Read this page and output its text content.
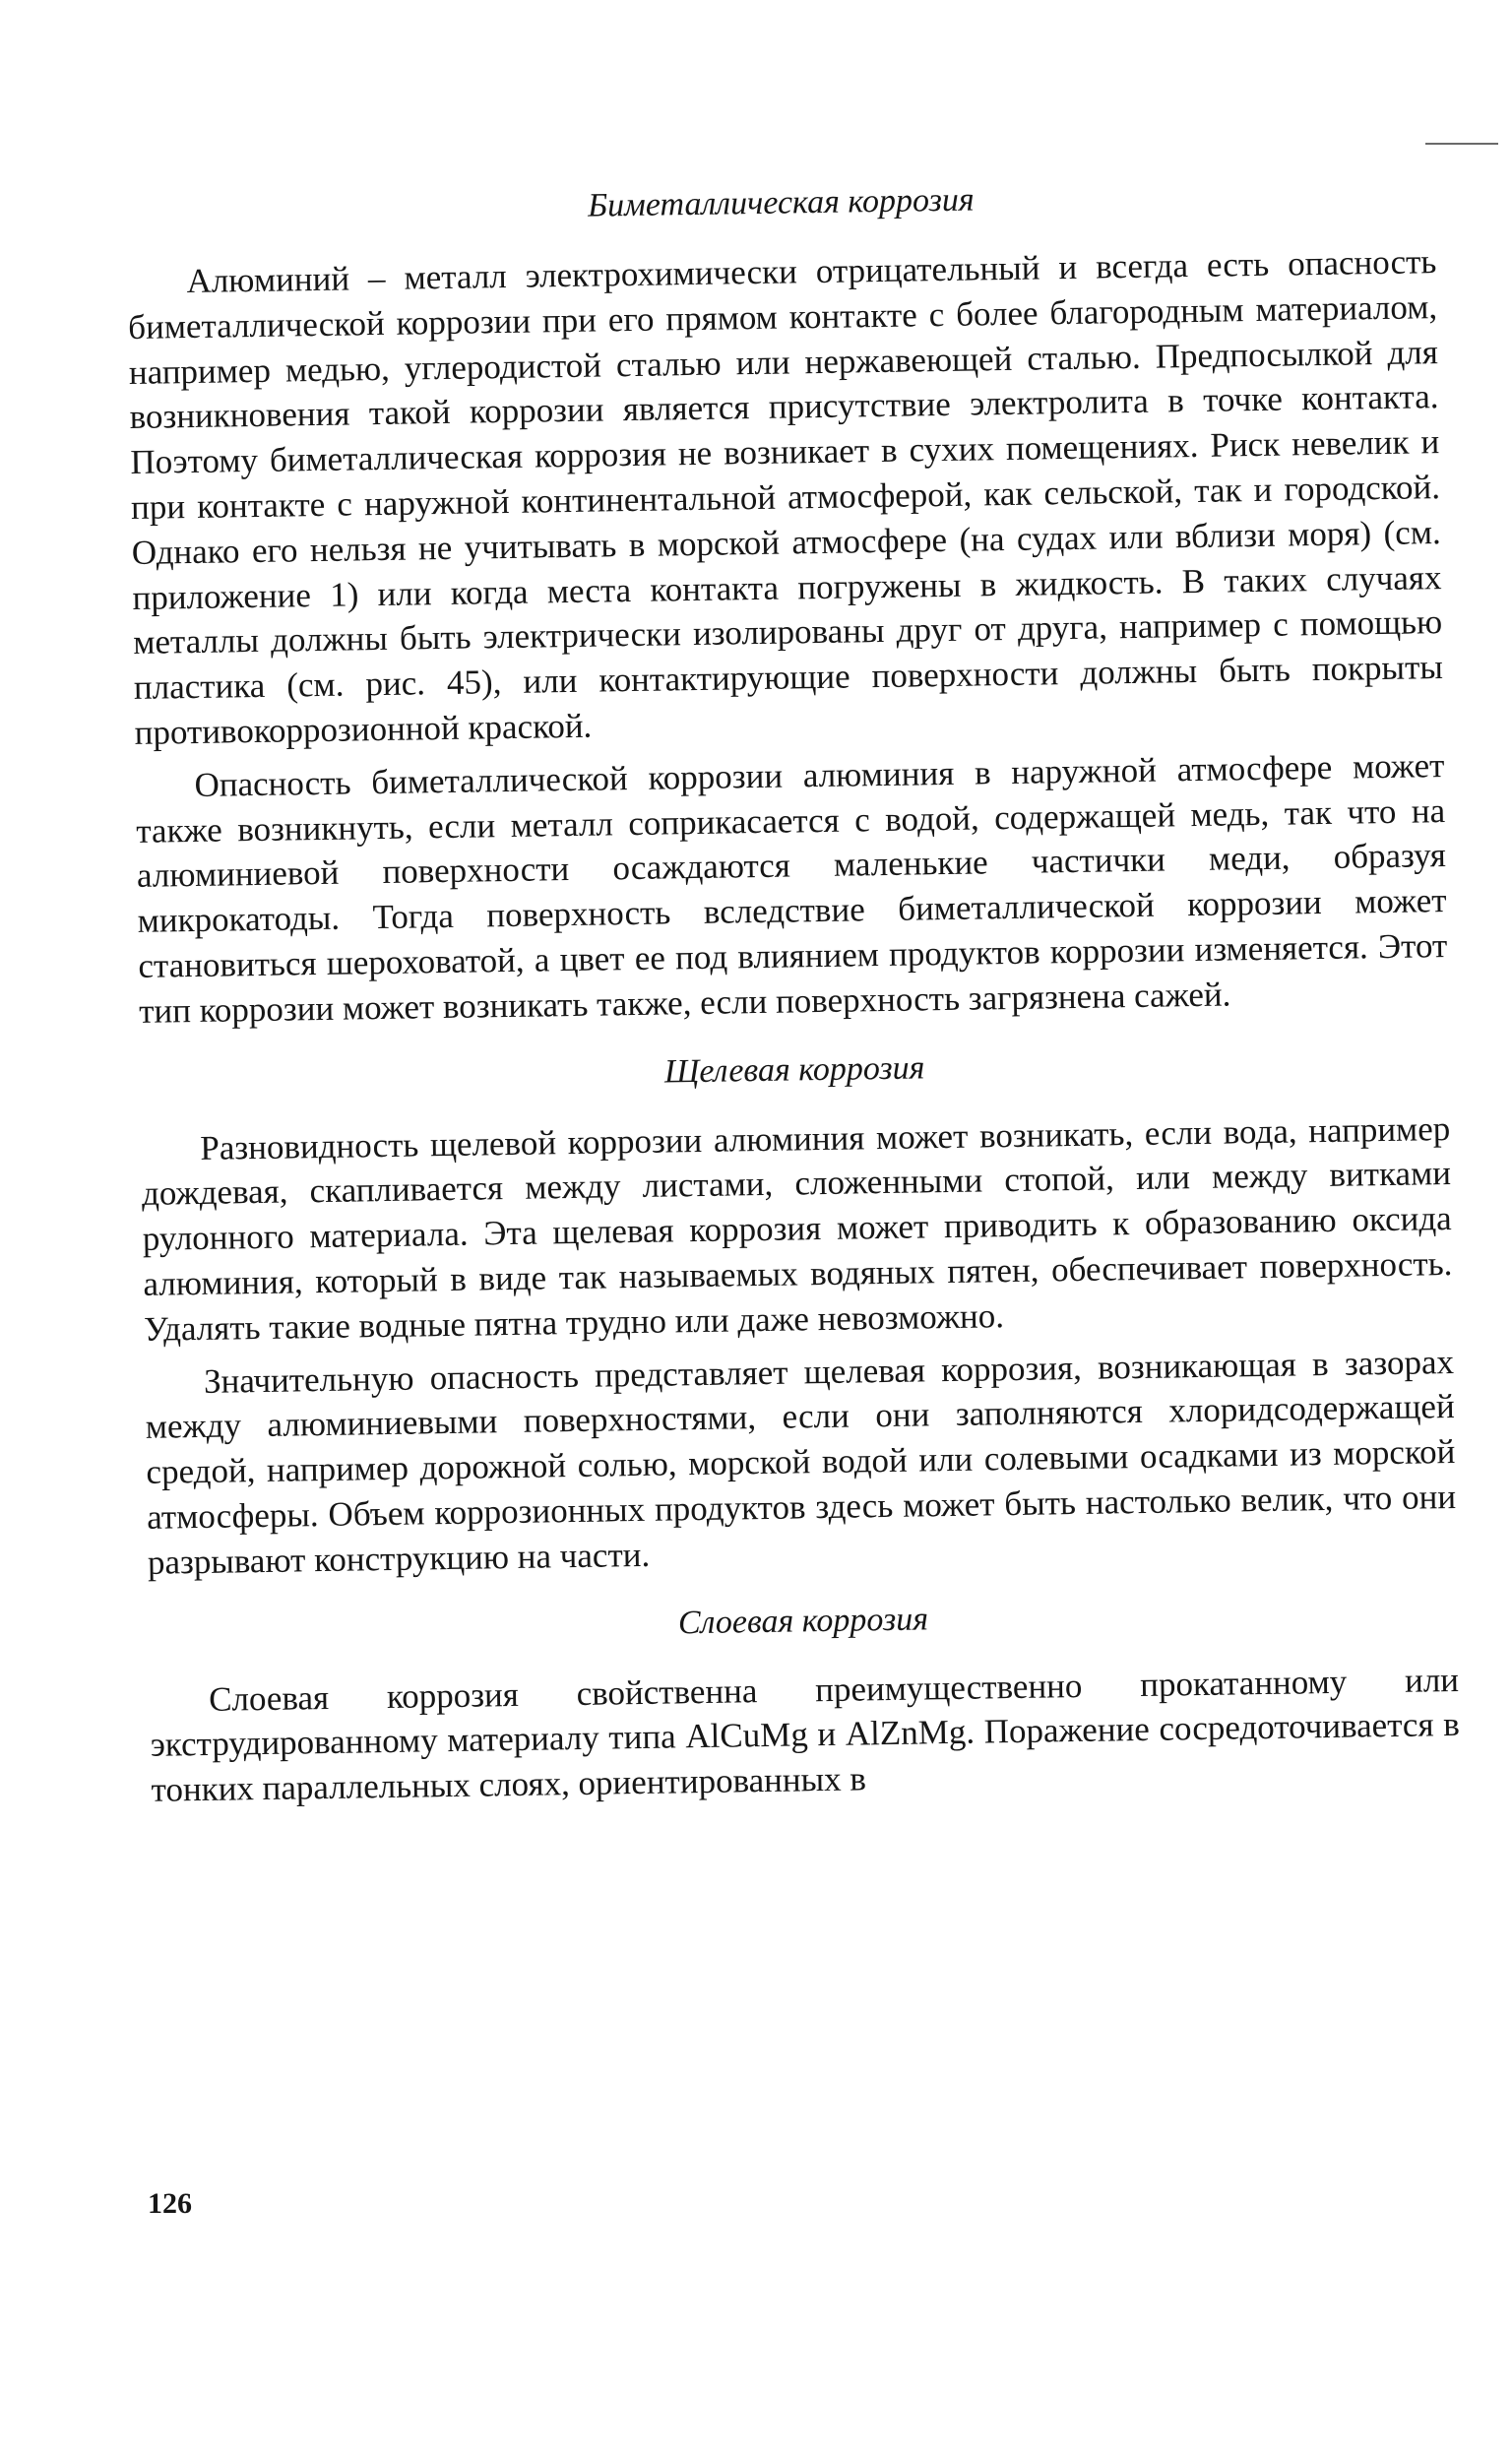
Биметаллическая коррозия

Алюминий – металл электрохимически отрицательный и всегда есть опасность биметаллической коррозии при его прямом контакте с более благородным материалом, например медью, углеродистой сталью или нержавеющей сталью. Предпосылкой для возникновения такой коррозии является присутствие электролита в точке контакта. Поэтому биметаллическая коррозия не возникает в сухих помещениях. Риск невелик и при контакте с наружной континентальной атмосферой, как сельской, так и городской. Однако его нельзя не учитывать в морской атмосфере (на судах или вблизи моря) (см. приложение 1) или когда места контакта погружены в жидкость. В таких случаях металлы должны быть электрически изолированы друг от друга, например с помощью пластика (см. рис. 45), или контактирующие поверхности должны быть покрыты противокоррозионной краской.

Опасность биметаллической коррозии алюминия в наружной атмосфере может также возникнуть, если металл соприкасается с водой, содержащей медь, так что на алюминиевой поверхности осаждаются маленькие частички меди, образуя микрокатоды. Тогда поверхность вследствие биметаллической коррозии может становиться шероховатой, а цвет ее под влиянием продуктов коррозии изменяется. Этот тип коррозии может возникать также, если поверхность загрязнена сажей.

Щелевая коррозия

Разновидность щелевой коррозии алюминия может возникать, если вода, например дождевая, скапливается между листами, сложенными стопой, или между витками рулонного материала. Эта щелевая коррозия может приводить к образованию оксида алюминия, который в виде так называемых водяных пятен, обеспечивает поверхность. Удалять такие водные пятна трудно или даже невозможно.

Значительную опасность представляет щелевая коррозия, возникающая в зазорах между алюминиевыми поверхностями, если они заполняются хлоридсодержащей средой, например дорожной солью, морской водой или солевыми осадками из морской атмосферы. Объем коррозионных продуктов здесь может быть настолько велик, что они разрывают конструкцию на части.

Слоевая коррозия

Слоевая коррозия свойственна преимущественно прокатанному или экструдированному материалу типа AlCuMg и AlZnMg. Поражение сосредоточивается в тонких параллельных слоях, ориентированных в

126
